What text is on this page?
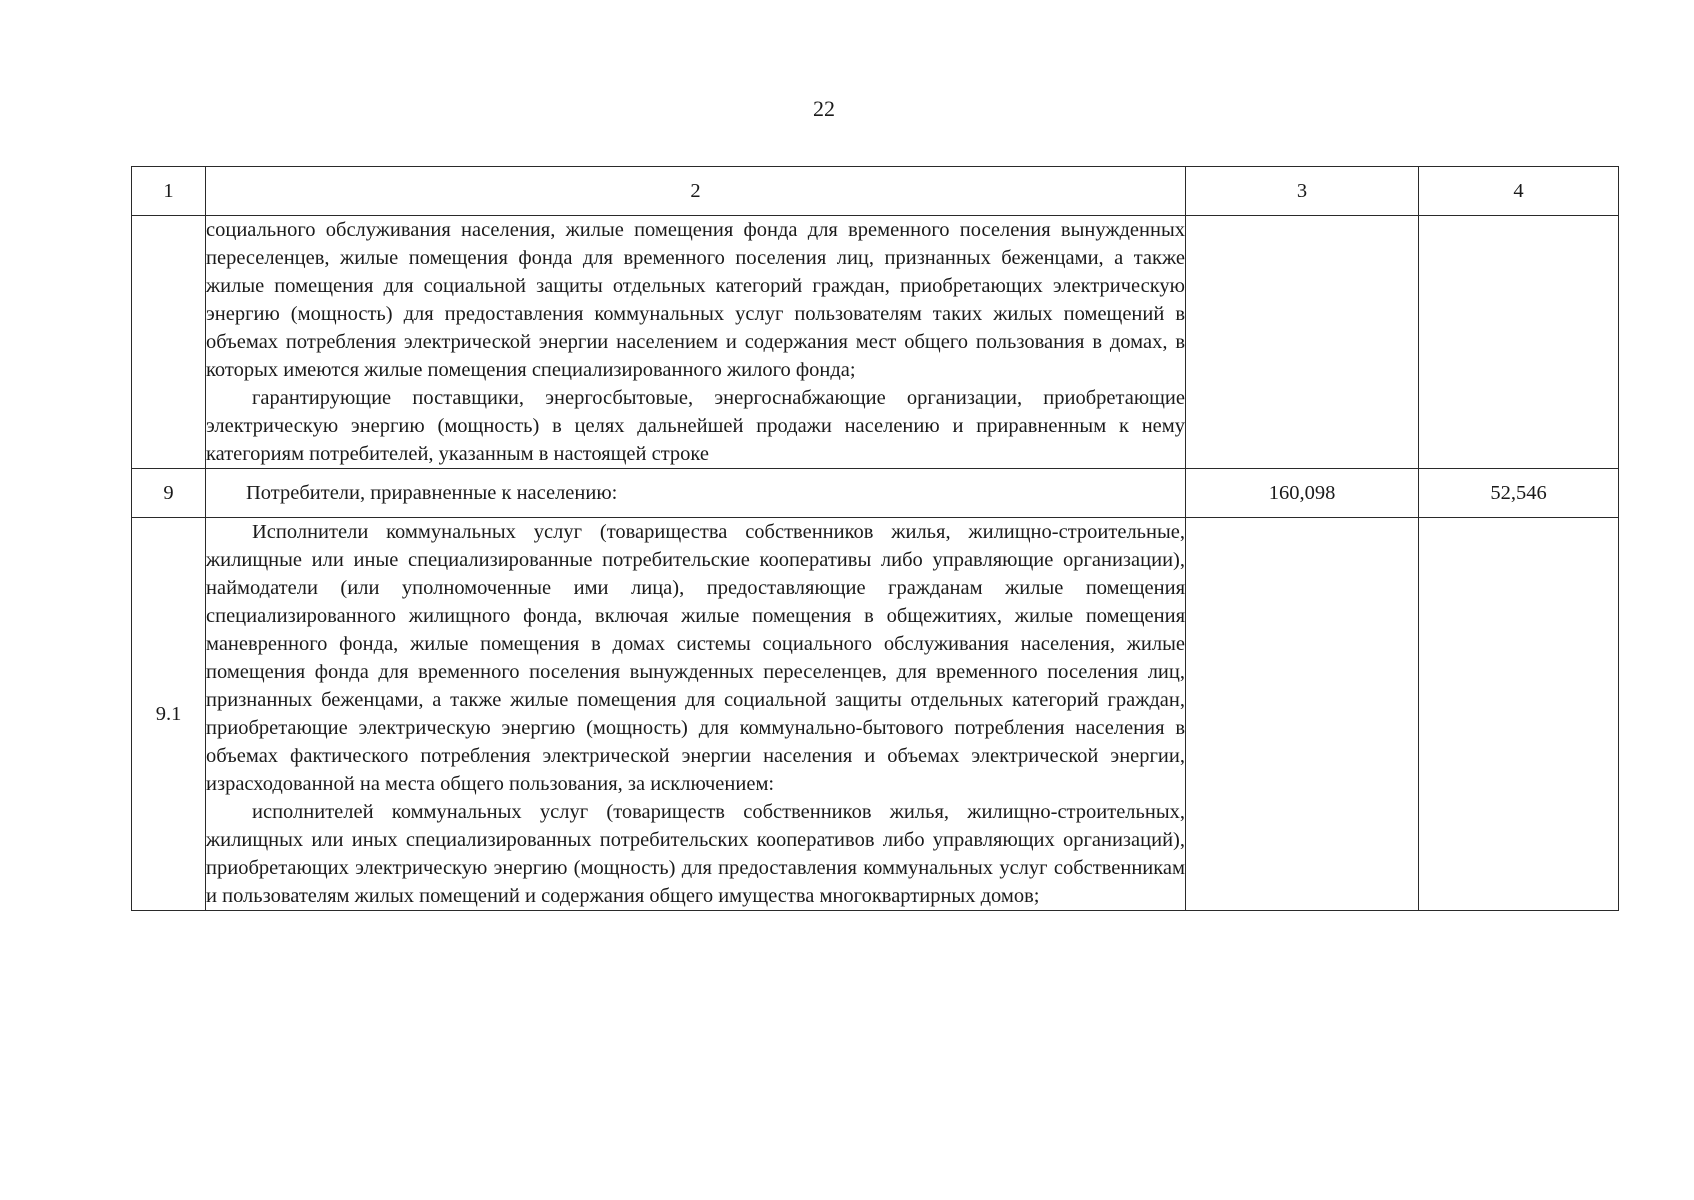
22
1	2	3	4

	социального обслуживания населения, жилые помещения фонда для временного поселения вынужденных переселенцев, жилые помещения фонда для временного поселения лиц, признанных беженцами, а также жилые помещения для социальной защиты отдельных категорий граждан, приобретающих электрическую энергию (мощность) для предоставления коммунальных услуг пользователям таких жилых помещений в объемах потребления электрической энергии населением и содержания мест общего пользования в домах, в которых имеются жилые помещения специализированного жилого фонда;

гарантирующие поставщики, энергосбытовые, энергоснабжающие организации, приобретающие электрическую энергию (мощность) в целях дальнейшей продажи населению и приравненным к нему категориям потребителей, указанным в настоящей строке		

9	Потребители, приравненные к населению:	160,098	52,546
9.1	Исполнители коммунальных услуг (товарищества собственников жилья, жилищно-строительные, жилищные или иные специализированные потребительские кооперативы либо управляющие организации), наймодатели (или уполномоченные ими лица), предоставляющие гражданам жилые помещения специализированного жилищного фонда, включая жилые помещения в общежитиях, жилые помещения маневренного фонда, жилые помещения в домах системы социального обслуживания населения, жилые помещения фонда для временного поселения вынужденных переселенцев, для временного поселения лиц, признанных беженцами, а также жилые помещения для социальной защиты отдельных категорий граждан, приобретающие электрическую энергию (мощность) для коммунально-бытового потребления населения в объемах фактического потребления электрической энергии населения и объемах электрической энергии, израсходованной на места общего пользования, за исключением:

исполнителей коммунальных услуг (товариществ собственников жилья, жилищно-строительных, жилищных или иных специализированных потребительских кооперативов либо управляющих организаций), приобретающих электрическую энергию (мощность) для предоставления коммунальных услуг собственникам и пользователям жилых помещений и содержания общего имущества многоквартирных домов;		
